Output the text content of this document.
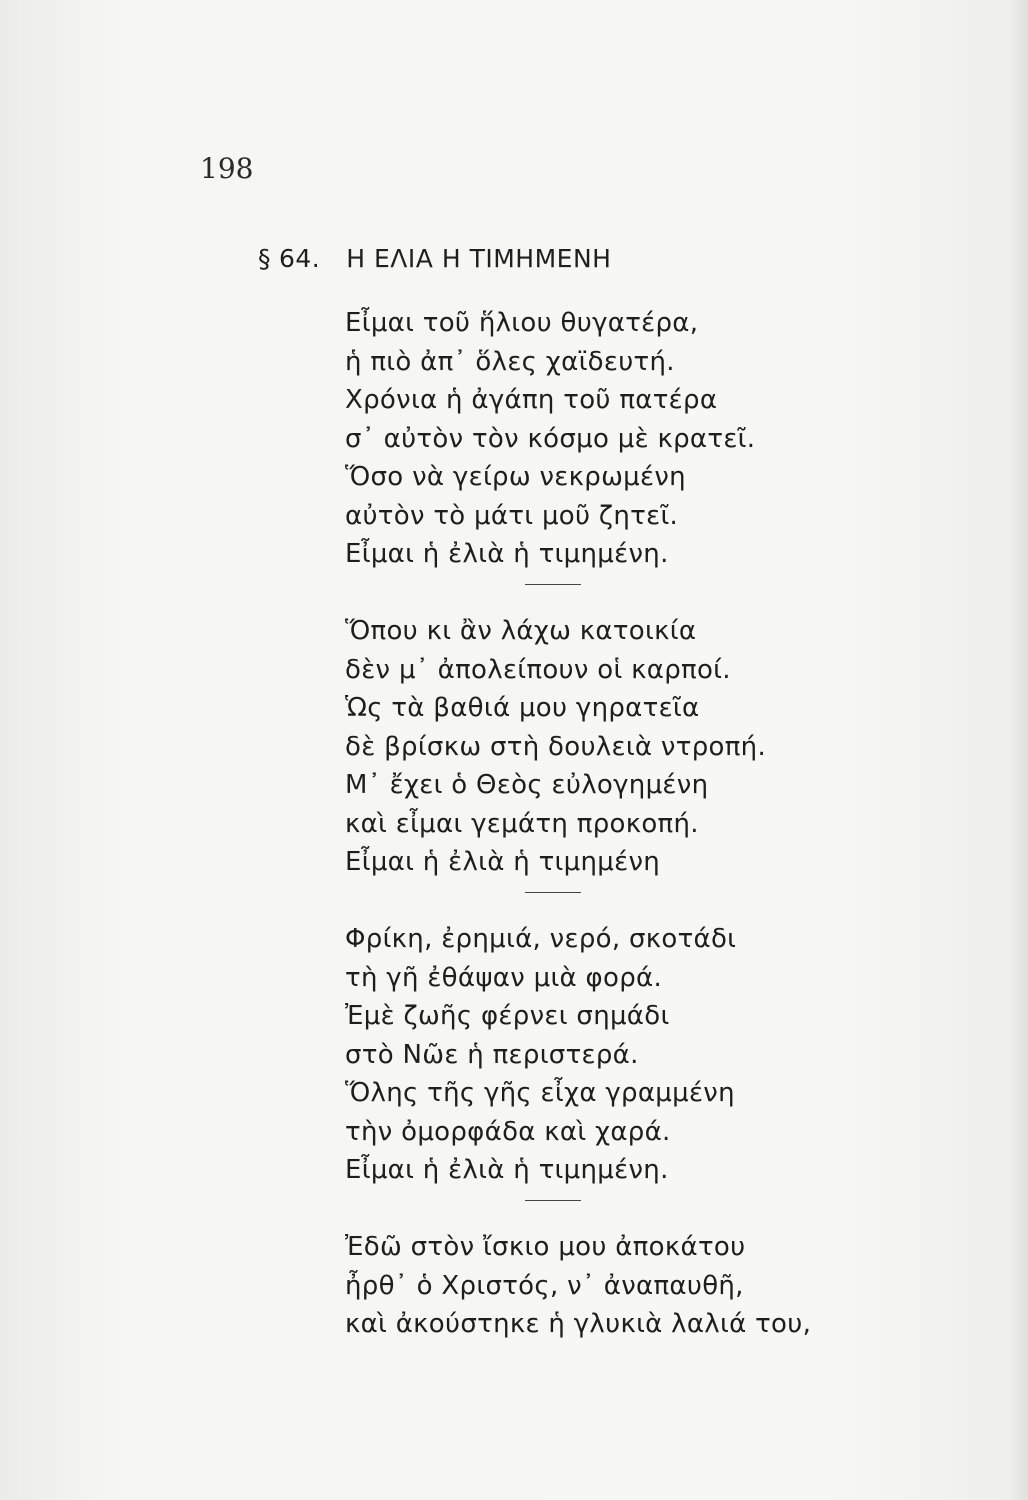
198
§ 64. Η ΕΛΙΑ Η ΤΙΜΗΜΕΝΗ
Εἶμαι τοῦ ἥλιου θυγατέρα,
ἡ πιὸ ἀπ᾽ ὅλες χαϊδευτή.
Χρόνια ἡ ἀγάπη τοῦ πατέρα
σ᾽ αὐτὸν τὸν κόσμο μὲ κρατεῖ.
Ὅσο νὰ γείρω νεκρωμένη
αὐτὸν τὸ μάτι μοῦ ζητεῖ.
Εἶμαι ἡ ἐλιὰ ἡ τιμημένη.
Ὅπου κι ἂν λάχω κατοικία
δὲν μ᾽ ἀπολείπουν οἱ καρποί.
Ὡς τὰ βαθιά μου γηρατεῖα
δὲ βρίσκω στὴ δουλειὰ ντροπή.
Μ᾽ ἔχει ὁ Θεὸς εὐλογημένη
καὶ εἶμαι γεμάτη προκοπή.
Εἶμαι ἡ ἐλιὰ ἡ τιμημένη
Φρίκη, ἐρημιά, νερό, σκοτάδι
τὴ γῆ ἐθάψαν μιὰ φορά.
Ἐμὲ ζωῆς φέρνει σημάδι
στὸ Νῶε ἡ περιστερά.
Ὅλης τῆς γῆς εἶχα γραμμένη
τὴν ὀμορφάδα καὶ χαρά.
Εἶμαι ἡ ἐλιὰ ἡ τιμημένη.
Ἐδῶ στὸν ἴσκιο μου ἀποκάτου
ἦρθ᾽ ὁ Χριστός, ν᾽ ἀναπαυθῆ,
καὶ ἀκούστηκε ἡ γλυκιὰ λαλιά του,
